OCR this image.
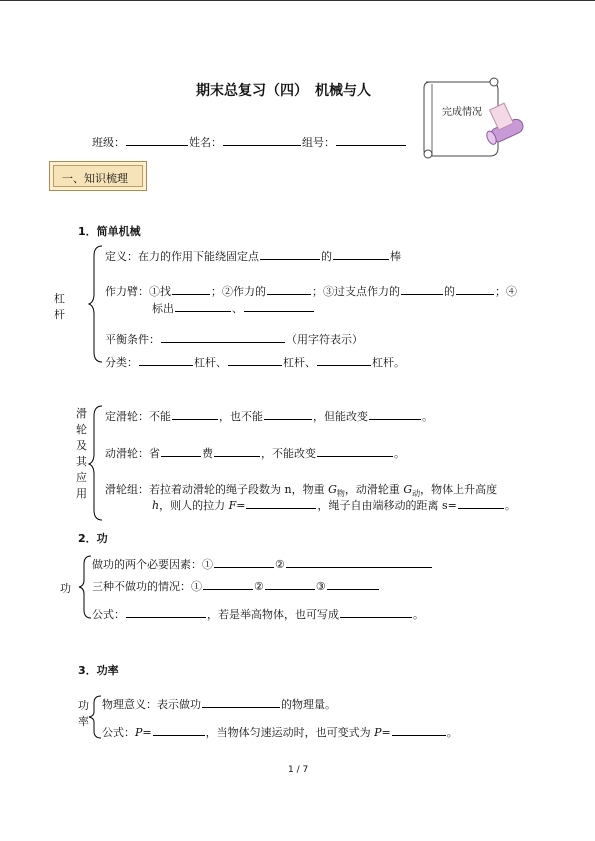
期末总复习（四）　机械与人
完成情况
班级：	姓名：	组号：
一、知识梳理
1．简单机械
杠
杆
定义：在力的作用下能绕固定点	的	棒
作力臂：①找	；②作力的	；③过支点作力的	的	；④
标出	、
平衡条件：	（用字符表示）
分类：	杠杆、	杠杆、	杠杆。
滑
轮
及
其
应
用
定滑轮：不能	，也不能	，但能改变	。
动滑轮：省	费	，不能改变	。
滑轮组：若拉着动滑轮的绳子段数为 n，物重 $G_物$，动滑轮重 $G_动$，物体上升高度
h，则人的拉力 F=	，绳子自由端移动的距离 s=	。
2．功
功
做功的两个必要因素：①	②
三种不做功的情况：①	②	③
公式：	，若是举高物体，也可写成	。
3．功率
功
率
物理意义：表示做功	的物理量。
公式：P=	，当物体匀速运动时，也可变式为 P=	。
1 / 7
